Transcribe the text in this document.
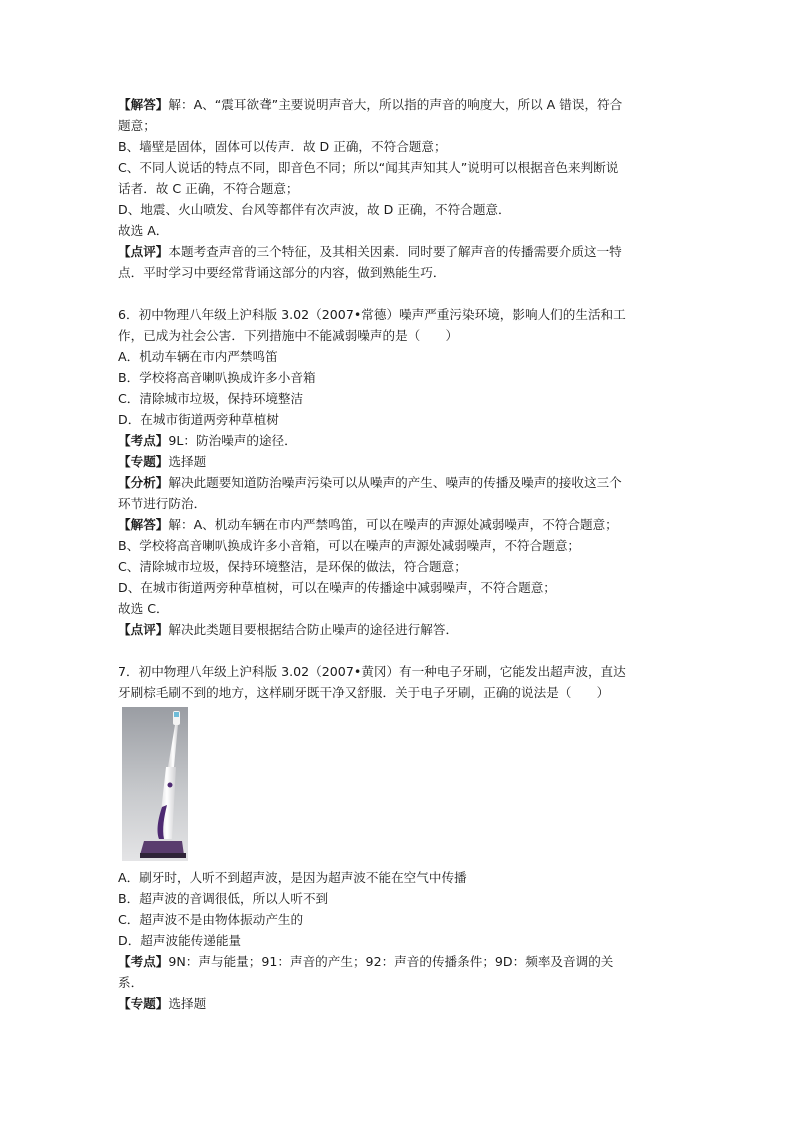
【解答】解：A、“震耳欲聋”主要说明声音大，所以指的声音的响度大，所以 A 错误，符合
题意；
B、墙壁是固体，固体可以传声．故 D 正确，不符合题意；
C、不同人说话的特点不同，即音色不同；所以“闻其声知其人”说明可以根据音色来判断说
话者．故 C 正确，不符合题意；
D、地震、火山喷发、台风等都伴有次声波，故 D 正确，不符合题意．
故选 A．
【点评】本题考查声音的三个特征，及其相关因素．同时要了解声音的传播需要介质这一特
点．平时学习中要经常背诵这部分的内容，做到熟能生巧．
6．初中物理八年级上沪科版 3.02（2007•常德）噪声严重污染环境，影响人们的生活和工
作，已成为社会公害．下列措施中不能减弱噪声的是（　　）
A．机动车辆在市内严禁鸣笛
B．学校将高音喇叭换成许多小音箱
C．清除城市垃圾，保持环境整洁
D．在城市街道两旁种草植树
【考点】9L：防治噪声的途径．
【专题】选择题
【分析】解决此题要知道防治噪声污染可以从噪声的产生、噪声的传播及噪声的接收这三个
环节进行防治．
【解答】解：A、机动车辆在市内严禁鸣笛，可以在噪声的声源处减弱噪声，不符合题意；
B、学校将高音喇叭换成许多小音箱，可以在噪声的声源处减弱噪声，不符合题意；
C、清除城市垃圾，保持环境整洁，是环保的做法，符合题意；
D、在城市街道两旁种草植树，可以在噪声的传播途中减弱噪声，不符合题意；
故选 C．
【点评】解决此类题目要根据结合防止噪声的途径进行解答．
7．初中物理八年级上沪科版 3.02（2007•黄冈）有一种电子牙刷，它能发出超声波，直达
牙刷棕毛刷不到的地方，这样刷牙既干净又舒服．关于电子牙刷，正确的说法是（　　）
A．刷牙时，人听不到超声波，是因为超声波不能在空气中传播
B．超声波的音调很低，所以人听不到
C．超声波不是由物体振动产生的
D．超声波能传递能量
【考点】9N：声与能量；91：声音的产生；92：声音的传播条件；9D：频率及音调的关
系．
【专题】选择题
